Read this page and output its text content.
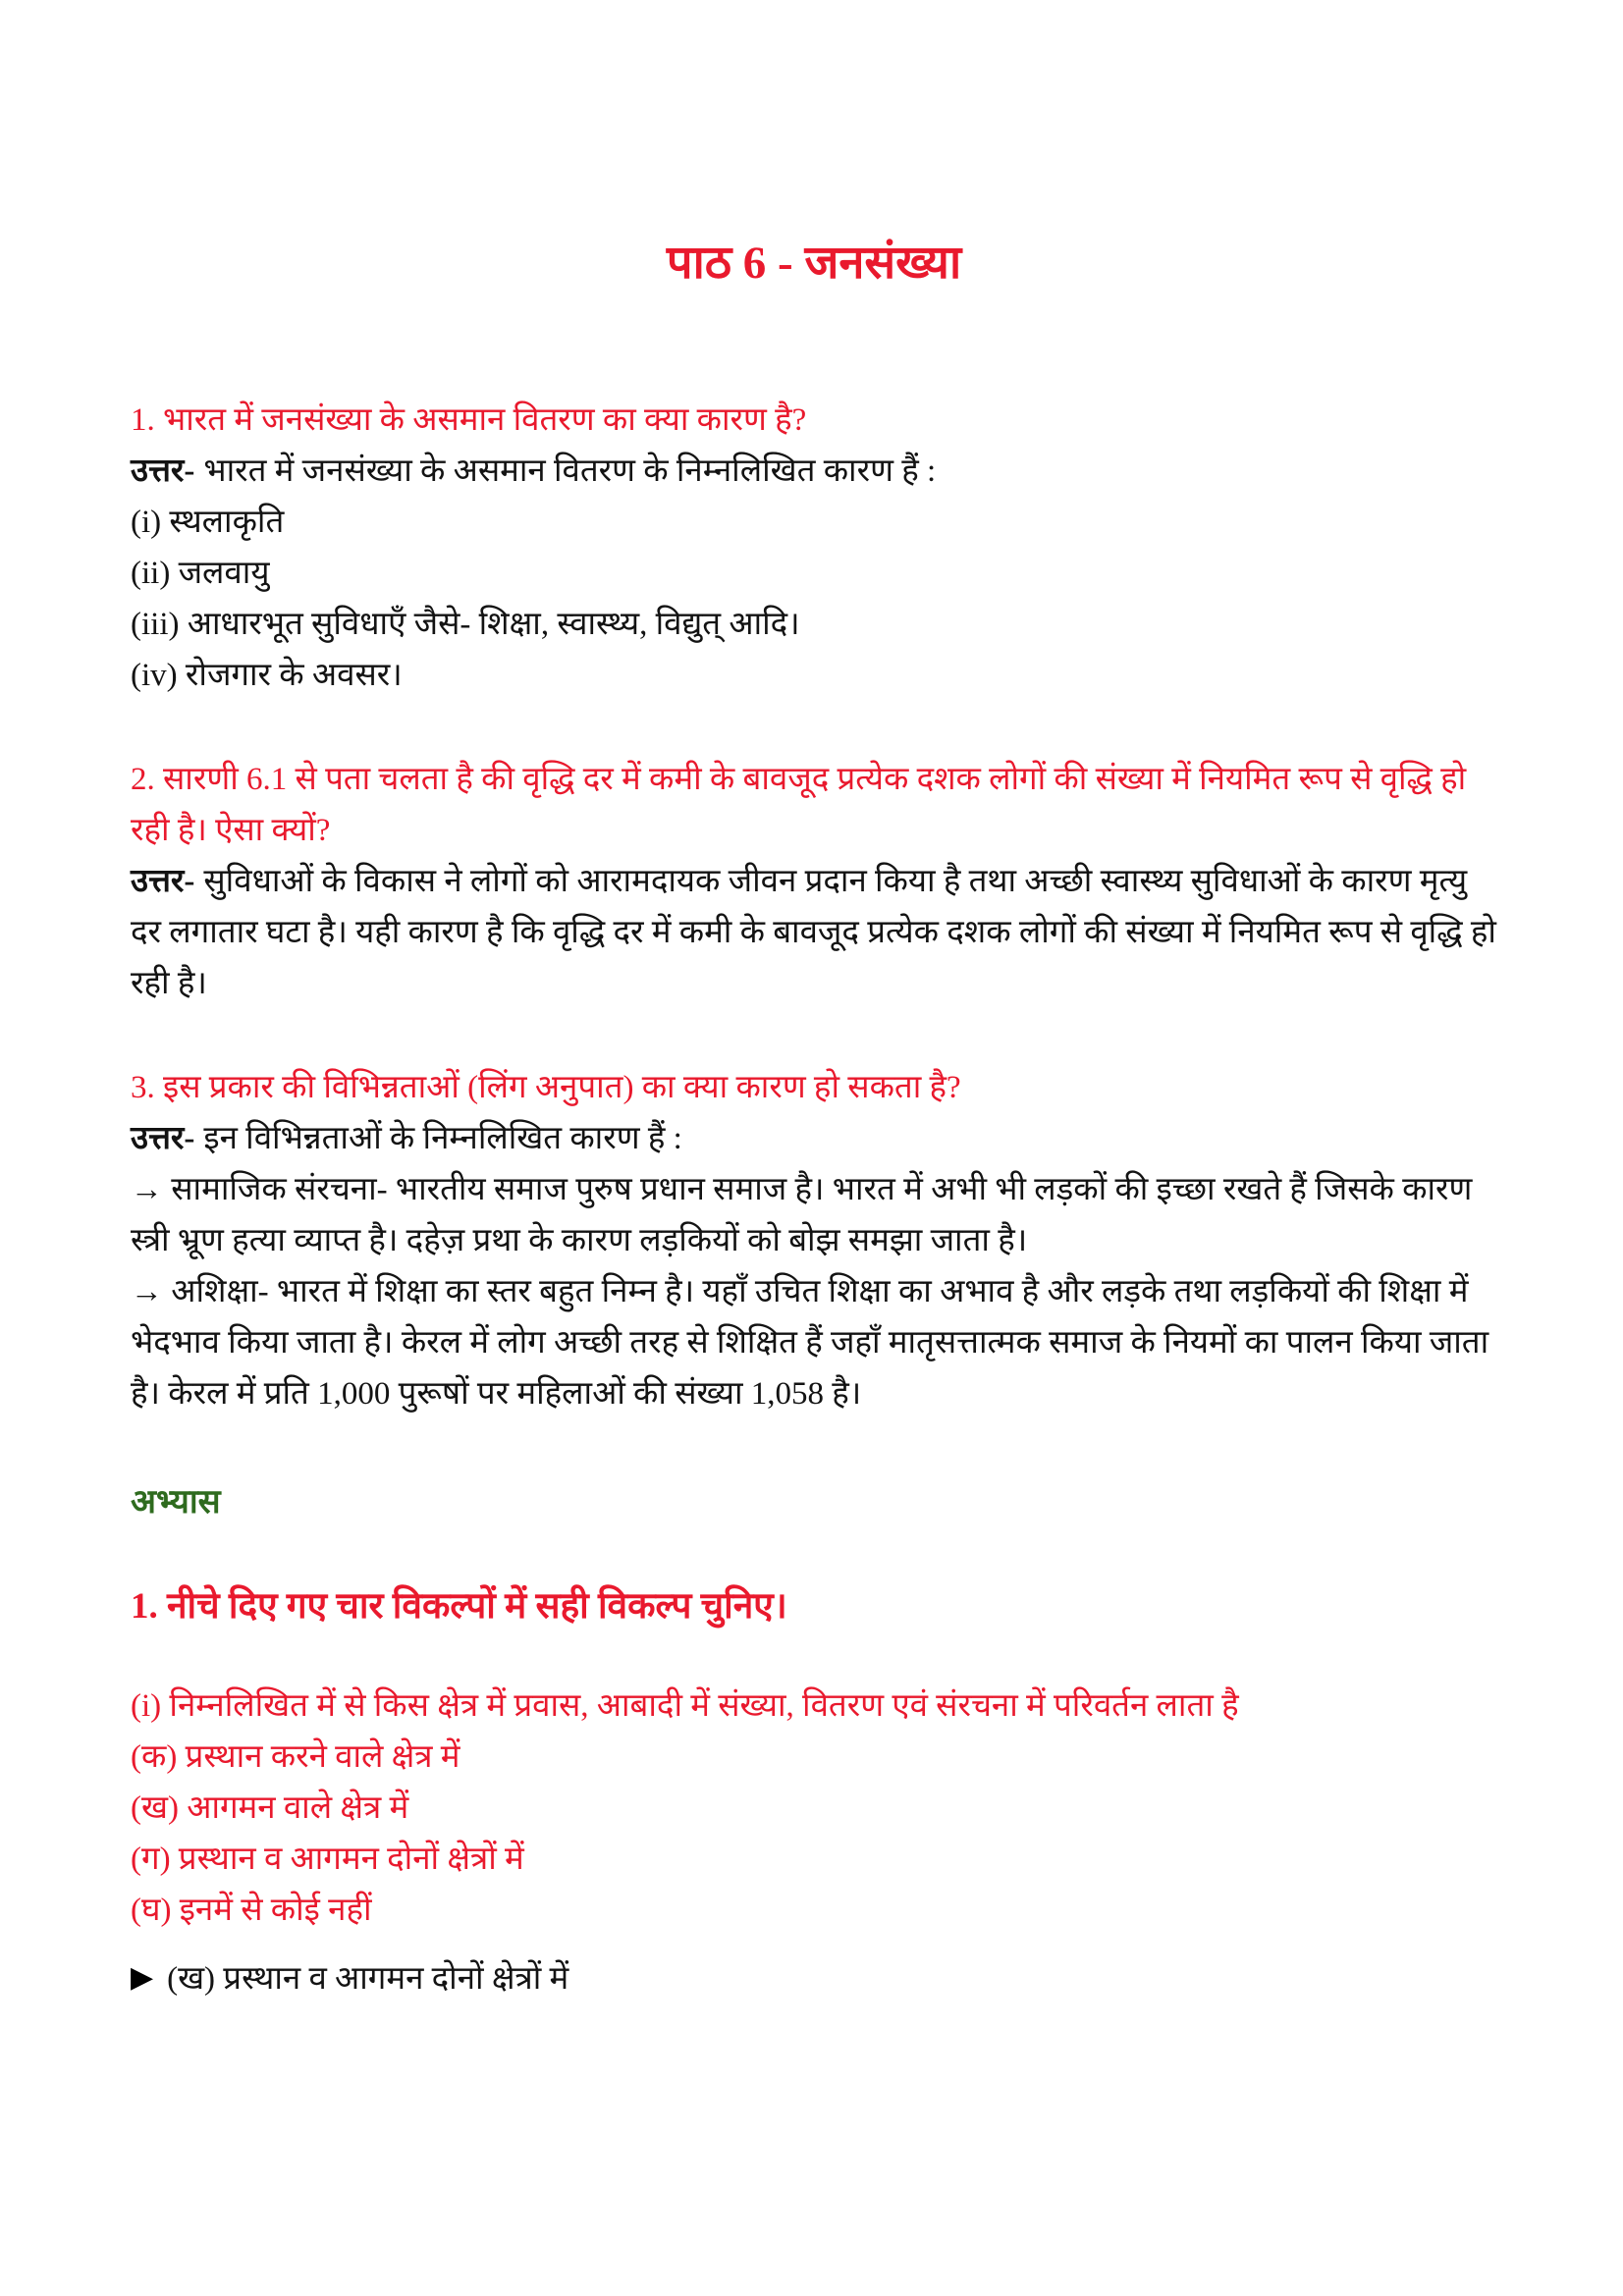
पाठ 6 - जनसंख्या

1. भारत में जनसंख्या के असमान वितरण का क्या कारण है?

उत्तर- भारत में जनसंख्या के असमान वितरण के निम्नलिखित कारण हैं :

(i) स्थलाकृति

(ii) जलवायु

(iii) आधारभूत सुविधाएँ जैसे- शिक्षा, स्वास्थ्य, विद्युत् आदि।

(iv) रोजगार के अवसर।

2. सारणी 6.1 से पता चलता है की वृद्धि दर में कमी के बावजूद प्रत्येक दशक लोगों की संख्या में नियमित रूप से वृद्धि हो रही है। ऐसा क्यों?

उत्तर- सुविधाओं के विकास ने लोगों को आरामदायक जीवन प्रदान किया है तथा अच्छी स्वास्थ्य सुविधाओं के कारण मृत्यु दर लगातार घटा है। यही कारण है कि वृद्धि दर में कमी के बावजूद प्रत्येक दशक लोगों की संख्या में नियमित रूप से वृद्धि हो रही है।

3. इस प्रकार की विभिन्नताओं (लिंग अनुपात) का क्या कारण हो सकता है?

उत्तर- इन विभिन्नताओं के निम्नलिखित कारण हैं :

→ सामाजिक संरचना- भारतीय समाज पुरुष प्रधान समाज है। भारत में अभी भी लड़कों की इच्छा रखते हैं जिसके कारण स्त्री भ्रूण हत्या व्याप्त है। दहेज़ प्रथा के कारण लड़कियों को बोझ समझा जाता है।

→ अशिक्षा- भारत में शिक्षा का स्तर बहुत निम्न है। यहाँ उचित शिक्षा का अभाव है और लड़के तथा लड़कियों की शिक्षा में भेदभाव किया जाता है। केरल में लोग अच्छी तरह से शिक्षित हैं जहाँ मातृसत्तात्मक समाज के नियमों का पालन किया जाता है। केरल में प्रति 1,000 पुरूषों पर महिलाओं की संख्या 1,058 है।

अभ्यास

1. नीचे दिए गए चार विकल्पों में सही विकल्प चुनिए।

(i) निम्नलिखित में से किस क्षेत्र में प्रवास, आबादी में संख्या, वितरण एवं संरचना में परिवर्तन लाता है

(क) प्रस्थान करने वाले क्षेत्र में

(ख) आगमन वाले क्षेत्र में

(ग) प्रस्थान व आगमन दोनों क्षेत्रों में

(घ) इनमें से कोई नहीं

▶ (ख) प्रस्थान व आगमन दोनों क्षेत्रों में
